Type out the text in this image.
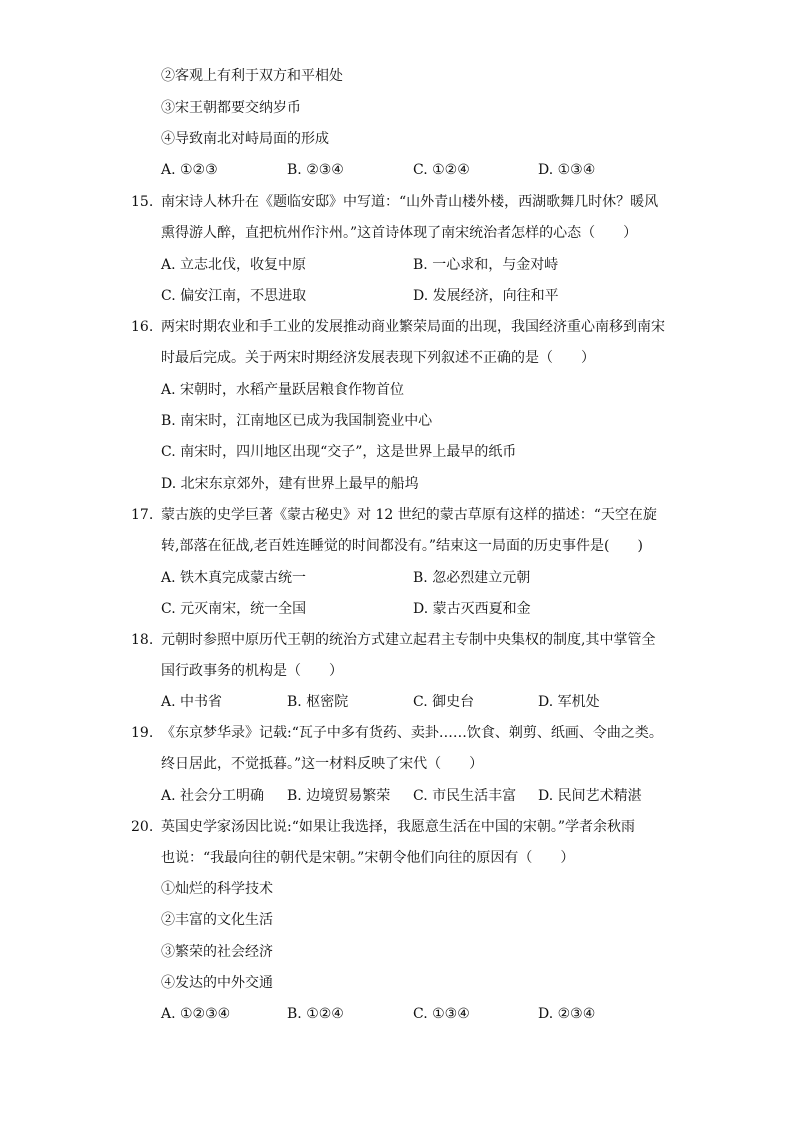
②客观上有利于双方和平相处
③宋王朝都要交纳岁币
④导致南北对峙局面的形成
A. ①②③	B. ②③④	C. ①②④	D. ①③④
15. 南宋诗人林升在《题临安邸》中写道：“山外青山楼外楼，西湖歌舞几时休？暖风
熏得游人醉，直把杭州作汴州。”这首诗体现了南宋统治者怎样的心态（　　）
A. 立志北伐，收复中原	B. 一心求和，与金对峙
C. 偏安江南，不思进取	D. 发展经济，向往和平
16. 两宋时期农业和手工业的发展推动商业繁荣局面的出现，我国经济重心南移到南宋
时最后完成。关于两宋时期经济发展表现下列叙述不正确的是（　　）
A. 宋朝时，水稻产量跃居粮食作物首位
B. 南宋时，江南地区已成为我国制瓷业中心
C. 南宋时，四川地区出现“交子”，这是世界上最早的纸币
D. 北宋东京郊外，建有世界上最早的船坞
17. 蒙古族的史学巨著《蒙古秘史》对 12 世纪的蒙古草原有这样的描述：“天空在旋
转,部落在征战,老百姓连睡觉的时间都没有。”结束这一局面的历史事件是(　　)
A. 铁木真完成蒙古统一	B. 忽必烈建立元朝
C. 元灭南宋，统一全国	D. 蒙古灭西夏和金
18. 元朝时参照中原历代王朝的统治方式建立起君主专制中央集权的制度,其中掌管全
国行政事务的机构是（　　）
A. 中书省	B. 枢密院	C. 御史台	D. 军机处
19. 《东京梦华录》记载:“瓦子中多有货药、卖卦……饮食、剃剪、纸画、令曲之类。
终日居此，不觉抵暮。”这一材料反映了宋代（　　）
A. 社会分工明确 B. 边境贸易繁荣 C. 市民生活丰富 D. 民间艺术精湛
20. 英国史学家汤因比说:“如果让我选择，我愿意生活在中国的宋朝。”学者余秋雨
也说：“我最向往的朝代是宋朝。”宋朝令他们向往的原因有（　　）
①灿烂的科学技术
②丰富的文化生活
③繁荣的社会经济
④发达的中外交通
A. ①②③④	B. ①②④	C. ①③④	D. ②③④
